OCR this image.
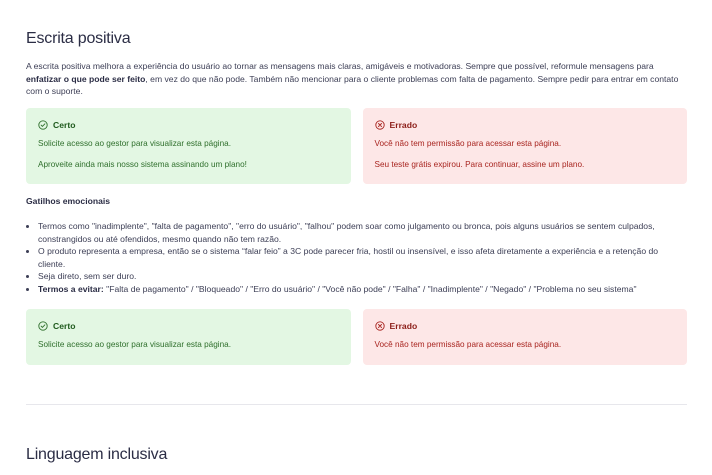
Escrita positiva
A escrita positiva melhora a experiência do usuário ao tornar as mensagens mais claras, amigáveis e motivadoras. Sempre que possível, reformule mensagens para enfatizar o que pode ser feito, em vez do que não pode. Também não mencionar para o cliente problemas com falta de pagamento. Sempre pedir para entrar em contato com o suporte.
Certo

Solicite acesso ao gestor para visualizar esta página.

Aproveite ainda mais nosso sistema assinando um plano!

Errado

Você não tem permissão para acessar esta página.

Seu teste grátis expirou. Para continuar, assine um plano.

Gatilhos emocionais
• Termos como "inadimplente", "falta de pagamento", "erro do usuário", "falhou" podem soar como julgamento ou bronca, pois alguns usuários se sentem culpados, constrangidos ou até ofendidos, mesmo quando não tem razão.
• O produto representa a empresa, então se o sistema “falar feio” a 3C pode parecer fria, hostil ou insensível, e isso afeta diretamente a experiência e a retenção do cliente.
• Seja direto, sem ser duro.
• Termos a evitar: "Falta de pagamento" / "Bloqueado" / "Erro do usuário" / "Você não pode" / "Falha" / "Inadimplente" / "Negado" / "Problema no seu sistema"
Certo

Solicite acesso ao gestor para visualizar esta página.

Errado

Você não tem permissão para acessar esta página.

Linguagem inclusiva
